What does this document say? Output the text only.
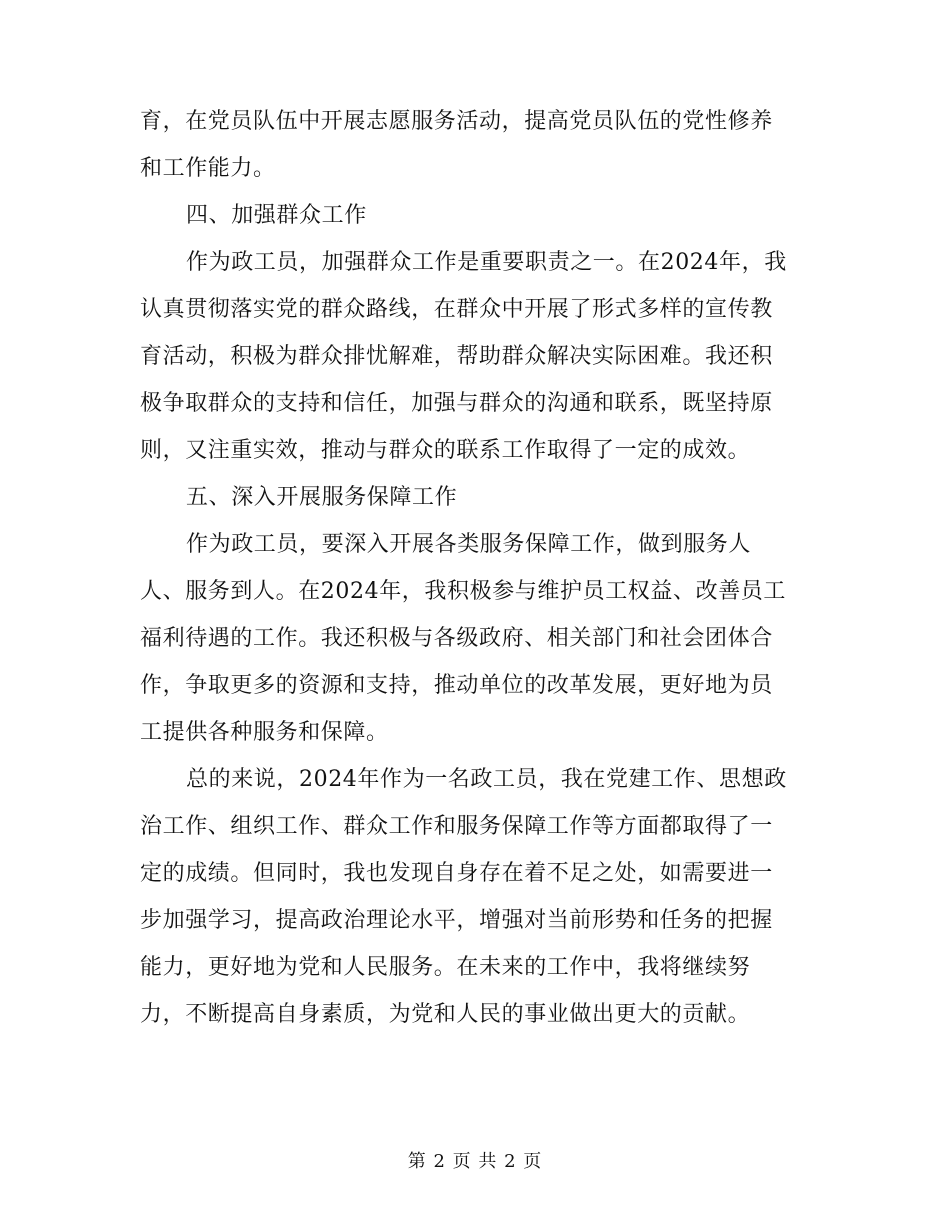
育，在党员队伍中开展志愿服务活动，提高党员队伍的党性修养
和工作能力。
四、加强群众工作
作为政工员，加强群众工作是重要职责之一。在2024年，我
认真贯彻落实党的群众路线，在群众中开展了形式多样的宣传教
育活动，积极为群众排忧解难，帮助群众解决实际困难。我还积
极争取群众的支持和信任，加强与群众的沟通和联系，既坚持原
则，又注重实效，推动与群众的联系工作取得了一定的成效。
五、深入开展服务保障工作
作为政工员，要深入开展各类服务保障工作，做到服务人
人、服务到人。在2024年，我积极参与维护员工权益、改善员工
福利待遇的工作。我还积极与各级政府、相关部门和社会团体合
作，争取更多的资源和支持，推动单位的改革发展，更好地为员
工提供各种服务和保障。
总的来说，2024年作为一名政工员，我在党建工作、思想政
治工作、组织工作、群众工作和服务保障工作等方面都取得了一
定的成绩。但同时，我也发现自身存在着不足之处，如需要进一
步加强学习，提高政治理论水平，增强对当前形势和任务的把握
能力，更好地为党和人民服务。在未来的工作中，我将继续努
力，不断提高自身素质，为党和人民的事业做出更大的贡献。
第 2 页 共 2 页
